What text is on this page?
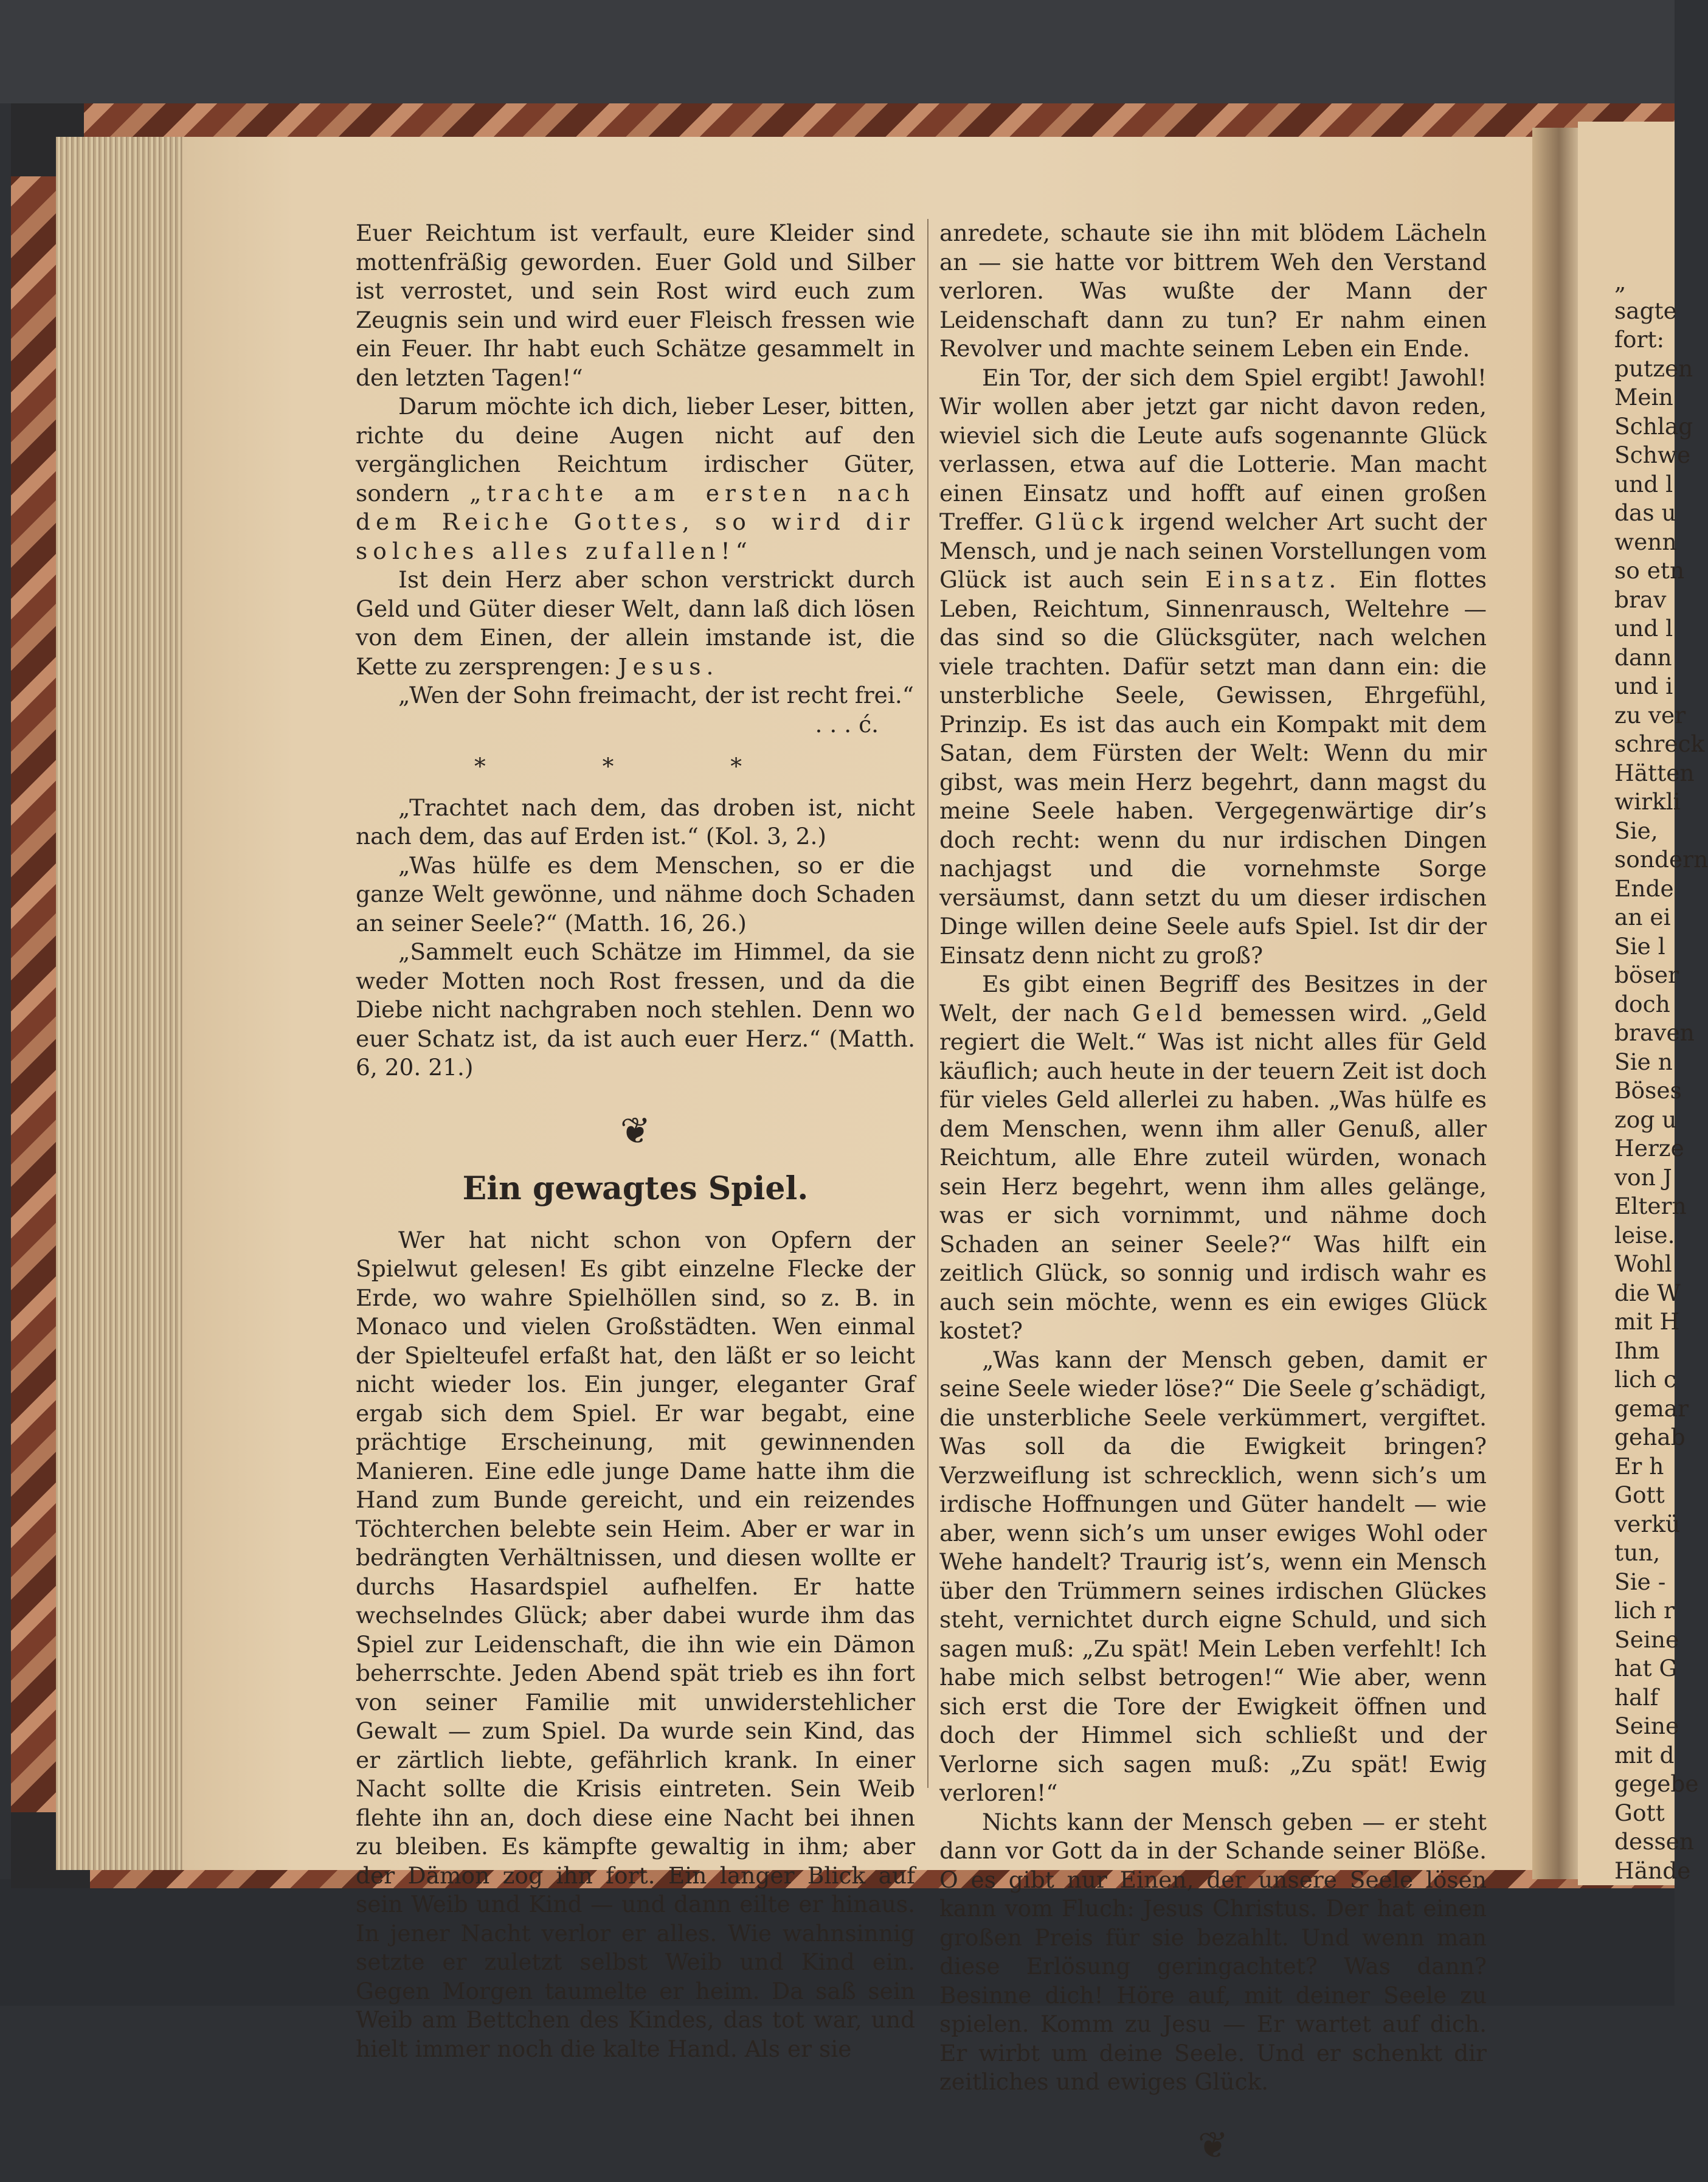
Euer Reichtum ist verfault, eure Kleider sind mottenfräßig geworden. Euer Gold und Silber ist verrostet, und sein Rost wird euch zum Zeugnis sein und wird euer Fleisch fressen wie ein Feuer. Ihr habt euch Schätze gesammelt in den letzten Tagen!“

Darum möchte ich dich, lieber Leser, bitten, richte du deine Augen nicht auf den vergänglichen Reichtum irdischer Güter, sondern „trachte am ersten nach dem Reiche Gottes, so wird dir solches alles zufallen!“

Ist dein Herz aber schon verstrickt durch Geld und Güter dieser Welt, dann laß dich lösen von dem Einen, der allein imstande ist, die Kette zu zersprengen: Jesus.

„Wen der Sohn freimacht, der ist recht frei.“

. . . ć.
* * *

„Trachtet nach dem, das droben ist, nicht nach dem, das auf Erden ist.“ (Kol. 3, 2.)

„Was hülfe es dem Menschen, so er die ganze Welt gewönne, und nähme doch Schaden an seiner Seele?“ (Matth. 16, 26.)

„Sammelt euch Schätze im Himmel, da sie weder Motten noch Rost fressen, und da die Diebe nicht nachgraben noch stehlen. Denn wo euer Schatz ist, da ist auch euer Herz.“ (Matth. 6, 20. 21.)

❦
Ein gewagtes Spiel.

Wer hat nicht schon von Opfern der Spielwut gelesen! Es gibt einzelne Flecke der Erde, wo wahre Spielhöllen sind, so z. B. in Monaco und vielen Großstädten. Wen einmal der Spielteufel erfaßt hat, den läßt er so leicht nicht wieder los. Ein junger, eleganter Graf ergab sich dem Spiel. Er war begabt, eine prächtige Erscheinung, mit gewinnenden Manieren. Eine edle junge Dame hatte ihm die Hand zum Bunde gereicht, und ein reizendes Töchterchen belebte sein Heim. Aber er war in bedrängten Verhältnissen, und diesen wollte er durchs Hasardspiel aufhelfen. Er hatte wechselndes Glück; aber dabei wurde ihm das Spiel zur Leidenschaft, die ihn wie ein Dämon beherrschte. Jeden Abend spät trieb es ihn fort von seiner Familie mit unwiderstehlicher Gewalt — zum Spiel. Da wurde sein Kind, das er zärtlich liebte, gefährlich krank. In einer Nacht sollte die Krisis eintreten. Sein Weib flehte ihn an, doch diese eine Nacht bei ihnen zu bleiben. Es kämpfte gewaltig in ihm; aber der Dämon zog ihn fort. Ein langer Blick auf sein Weib und Kind — und dann eilte er hinaus. In jener Nacht verlor er alles. Wie wahnsinnig setzte er zuletzt selbst Weib und Kind ein. Gegen Morgen taumelte er heim. Da saß sein Weib am Bettchen des Kindes, das tot war, und hielt immer noch die kalte Hand. Als er sie

anredete, schaute sie ihn mit blödem Lächeln an — sie hatte vor bittrem Weh den Verstand verloren. Was wußte der Mann der Leidenschaft dann zu tun? Er nahm einen Revolver und machte seinem Leben ein Ende.

Ein Tor, der sich dem Spiel ergibt! Jawohl! Wir wollen aber jetzt gar nicht davon reden, wieviel sich die Leute aufs sogenannte Glück verlassen, etwa auf die Lotterie. Man macht einen Einsatz und hofft auf einen großen Treffer. Glück irgend welcher Art sucht der Mensch, und je nach seinen Vorstellungen vom Glück ist auch sein Einsatz. Ein flottes Leben, Reichtum, Sinnenrausch, Weltehre — das sind so die Glücksgüter, nach welchen viele trachten. Dafür setzt man dann ein: die unsterbliche Seele, Gewissen, Ehrgefühl, Prinzip. Es ist das auch ein Kompakt mit dem Satan, dem Fürsten der Welt: Wenn du mir gibst, was mein Herz begehrt, dann magst du meine Seele haben. Vergegenwärtige dir’s doch recht: wenn du nur irdischen Dingen nachjagst und die vornehmste Sorge versäumst, dann setzt du um dieser irdischen Dinge willen deine Seele aufs Spiel. Ist dir der Einsatz denn nicht zu groß?

Es gibt einen Begriff des Besitzes in der Welt, der nach Geld bemessen wird. „Geld regiert die Welt.“ Was ist nicht alles für Geld käuflich; auch heute in der teuern Zeit ist doch für vieles Geld allerlei zu haben. „Was hülfe es dem Menschen, wenn ihm aller Genuß, aller Reichtum, alle Ehre zuteil würden, wonach sein Herz begehrt, wenn ihm alles gelänge, was er sich vornimmt, und nähme doch Schaden an seiner Seele?“ Was hilft ein zeitlich Glück, so sonnig und irdisch wahr es auch sein möchte, wenn es ein ewiges Glück kostet?

„Was kann der Mensch geben, damit er seine Seele wieder löse?“ Die Seele g’schädigt, die unsterbliche Seele verkümmert, vergiftet. Was soll da die Ewigkeit bringen? Verzweiflung ist schrecklich, wenn sich’s um irdische Hoffnungen und Güter handelt — wie aber, wenn sich’s um unser ewiges Wohl oder Wehe handelt? Traurig ist’s, wenn ein Mensch über den Trümmern seines irdischen Glückes steht, vernichtet durch eigne Schuld, und sich sagen muß: „Zu spät! Mein Leben verfehlt! Ich habe mich selbst betrogen!“ Wie aber, wenn sich erst die Tore der Ewigkeit öffnen und doch der Himmel sich schließt und der Verlorne sich sagen muß: „Zu spät! Ewig verloren!“

Nichts kann der Mensch geben — er steht dann vor Gott da in der Schande seiner Blöße. O es gibt nur Einen, der unsere Seele lösen kann vom Fluch: Jesus Christus. Der hat einen großen Preis für sie bezahlt. Und wenn man diese Erlösung geringachtet? Was dann? Besinne dich! Höre auf, mit deiner Seele zu spielen. Komm zu Jesu — Er wartet auf dich. Er wirbt um deine Seele. Und er schenkt dir zeitliches und ewiges Glück.

❦
„
sagte
fort:
putzen
Mein
Schlag
Schwe
und l
das u
wenn
so etn
brav
und l
dann
und i
zu ver
schreck
Hätten
wirkli
Sie,
sondern
Ende
an ei
Sie l
böser
doch
braven
Sie n
Böses
zog u
Herze
von J
Eltern
leise.
Wohl
die W
mit H
Ihm
lich c
gemar
gehab
Er h
Gott
verkü
tun,
Sie -
lich r
Seine
hat G
half
Seine
mit d
gegebe
Gott
dessen
Hände
